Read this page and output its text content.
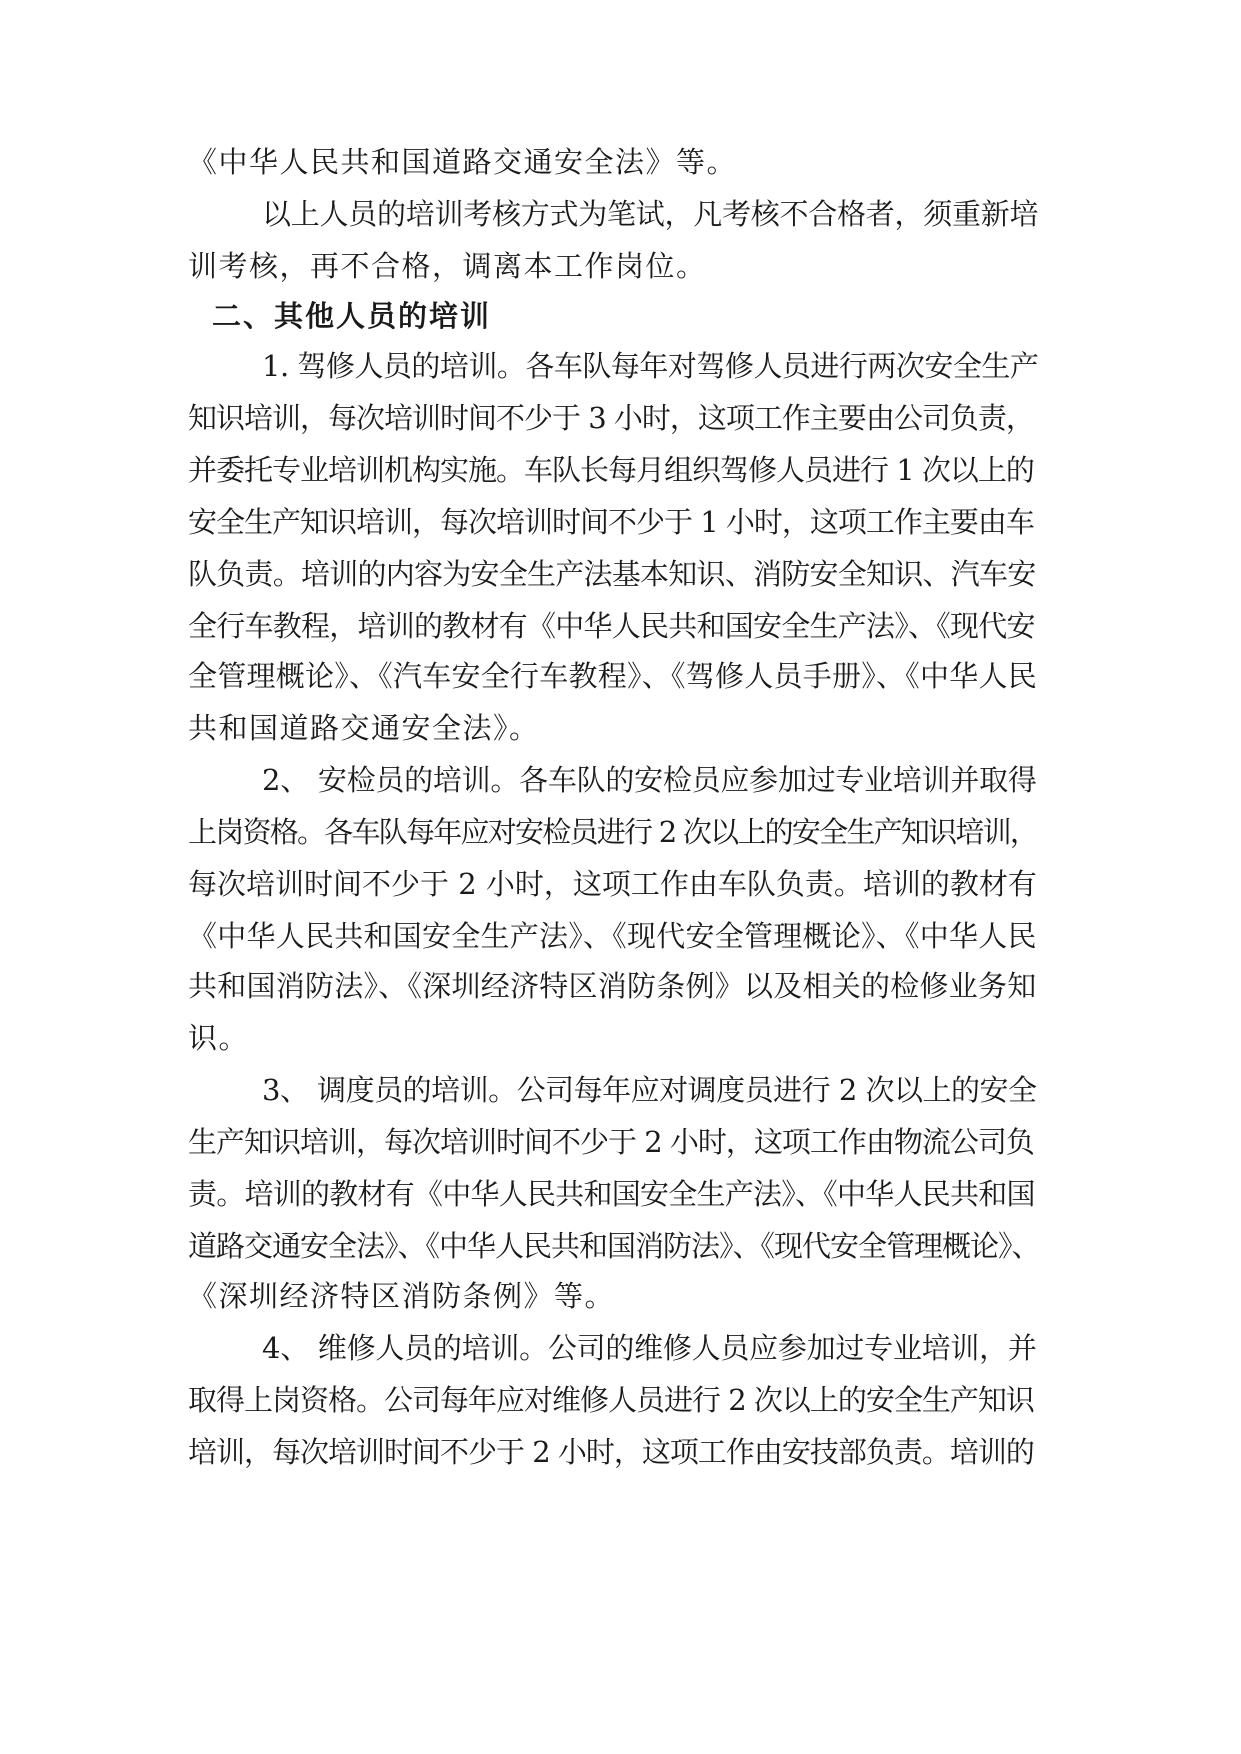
《中华人民共和国道路交通安全法》等。
以上人员的培训考核方式为笔试，凡考核不合格者，须重新培
训考核，再不合格，调离本工作岗位。
二、其他人员的培训
1. 驾修人员的培训。各车队每年对驾修人员进行两次安全生产
知识培训，每次培训时间不少于 3 小时，这项工作主要由公司负责，
并委托专业培训机构实施。车队长每月组织驾修人员进行 1 次以上的
安全生产知识培训，每次培训时间不少于 1 小时，这项工作主要由车
队负责。培训的内容为安全生产法基本知识、消防安全知识、汽车安
全行车教程，培训的教材有《中华人民共和国安全生产法》、《现代安
全管理概论》、《汽车安全行车教程》、《驾修人员手册》、《中华人民
共和国道路交通安全法》。
2、 安检员的培训。各车队的安检员应参加过专业培训并取得
上岗资格。各车队每年应对安检员进行 2 次以上的安全生产知识培训，
每次培训时间不少于 2 小时，这项工作由车队负责。培训的教材有
《中华人民共和国安全生产法》、《现代安全管理概论》、《中华人民
共和国消防法》、《深圳经济特区消防条例》以及相关的检修业务知
识。
3、 调度员的培训。公司每年应对调度员进行 2 次以上的安全
生产知识培训，每次培训时间不少于 2 小时，这项工作由物流公司负
责。培训的教材有《中华人民共和国安全生产法》、《中华人民共和国
道路交通安全法》、《中华人民共和国消防法》、《现代安全管理概论》、
《深圳经济特区消防条例》等。
4、 维修人员的培训。公司的维修人员应参加过专业培训，并
取得上岗资格。公司每年应对维修人员进行 2 次以上的安全生产知识
培训，每次培训时间不少于 2 小时，这项工作由安技部负责。培训的
